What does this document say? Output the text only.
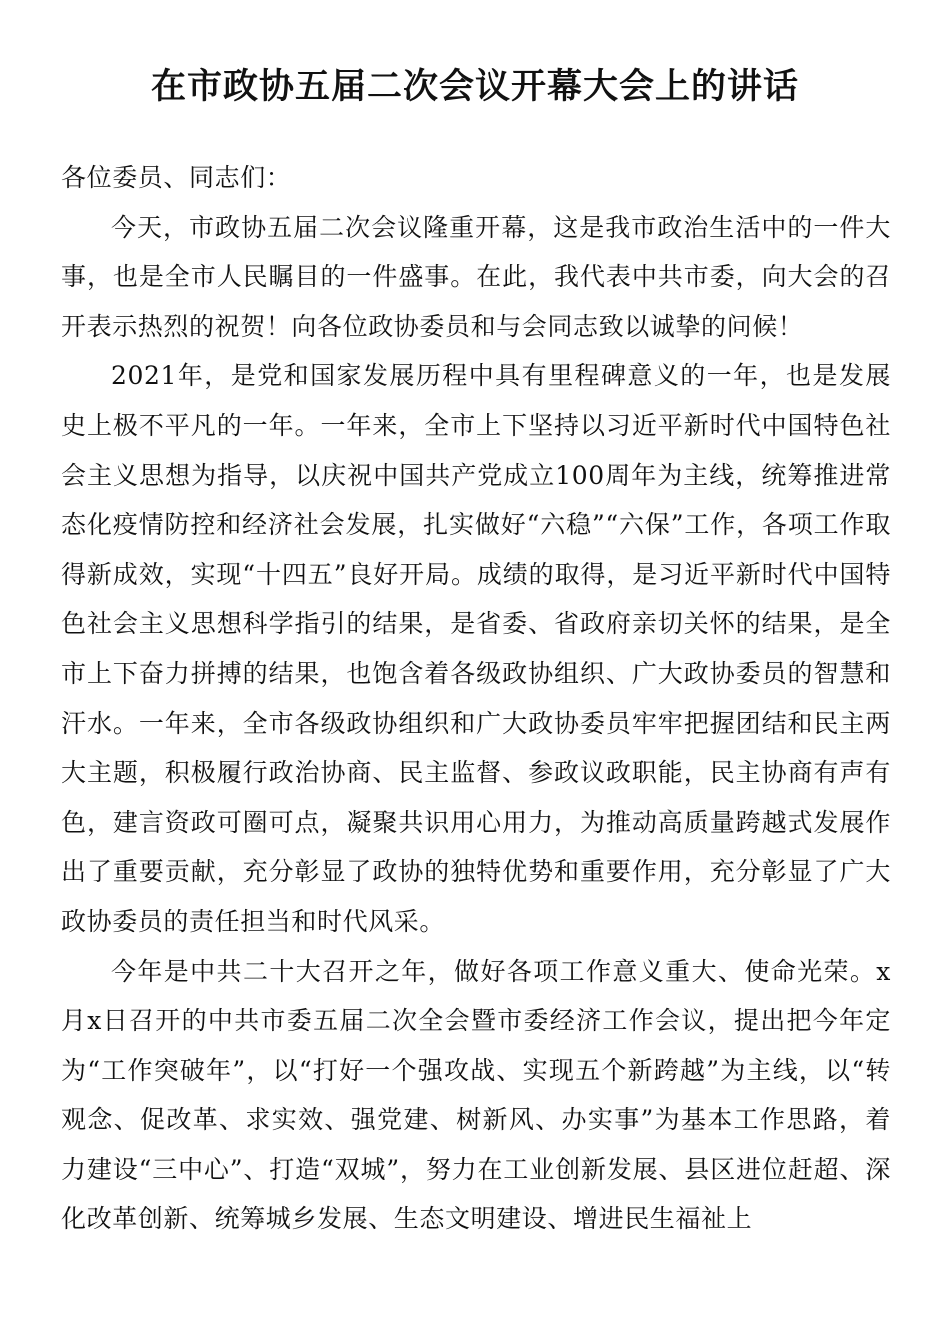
在市政协五届二次会议开幕大会上的讲话

各位委员、同志们：

今天，市政协五届二次会议隆重开幕，这是我市政治生活中的一件大事，也是全市人民瞩目的一件盛事。在此，我代表中共市委，向大会的召开表示热烈的祝贺！向各位政协委员和与会同志致以诚挚的问候！

2021年，是党和国家发展历程中具有里程碑意义的一年，也是发展史上极不平凡的一年。一年来，全市上下坚持以习近平新时代中国特色社会主义思想为指导，以庆祝中国共产党成立100周年为主线，统筹推进常态化疫情防控和经济社会发展，扎实做好“六稳”“六保”工作，各项工作取得新成效，实现“十四五”良好开局。成绩的取得，是习近平新时代中国特色社会主义思想科学指引的结果，是省委、省政府亲切关怀的结果，是全市上下奋力拼搏的结果，也饱含着各级政协组织、广大政协委员的智慧和汗水。一年来，全市各级政协组织和广大政协委员牢牢把握团结和民主两大主题，积极履行政治协商、民主监督、参政议政职能，民主协商有声有色，建言资政可圈可点，凝聚共识用心用力，为推动高质量跨越式发展作出了重要贡献，充分彰显了政协的独特优势和重要作用，充分彰显了广大政协委员的责任担当和时代风采。

今年是中共二十大召开之年，做好各项工作意义重大、使命光荣。x月x日召开的中共市委五届二次全会暨市委经济工作会议，提出把今年定为“工作突破年”，以“打好一个强攻战、实现五个新跨越”为主线，以“转观念、促改革、求实效、强党建、树新风、办实事”为基本工作思路，着力建设“三中心”、打造“双城”，努力在工业创新发展、县区进位赶超、深化改革创新、统筹城乡发展、生态文明建设、增进民生福祉上
